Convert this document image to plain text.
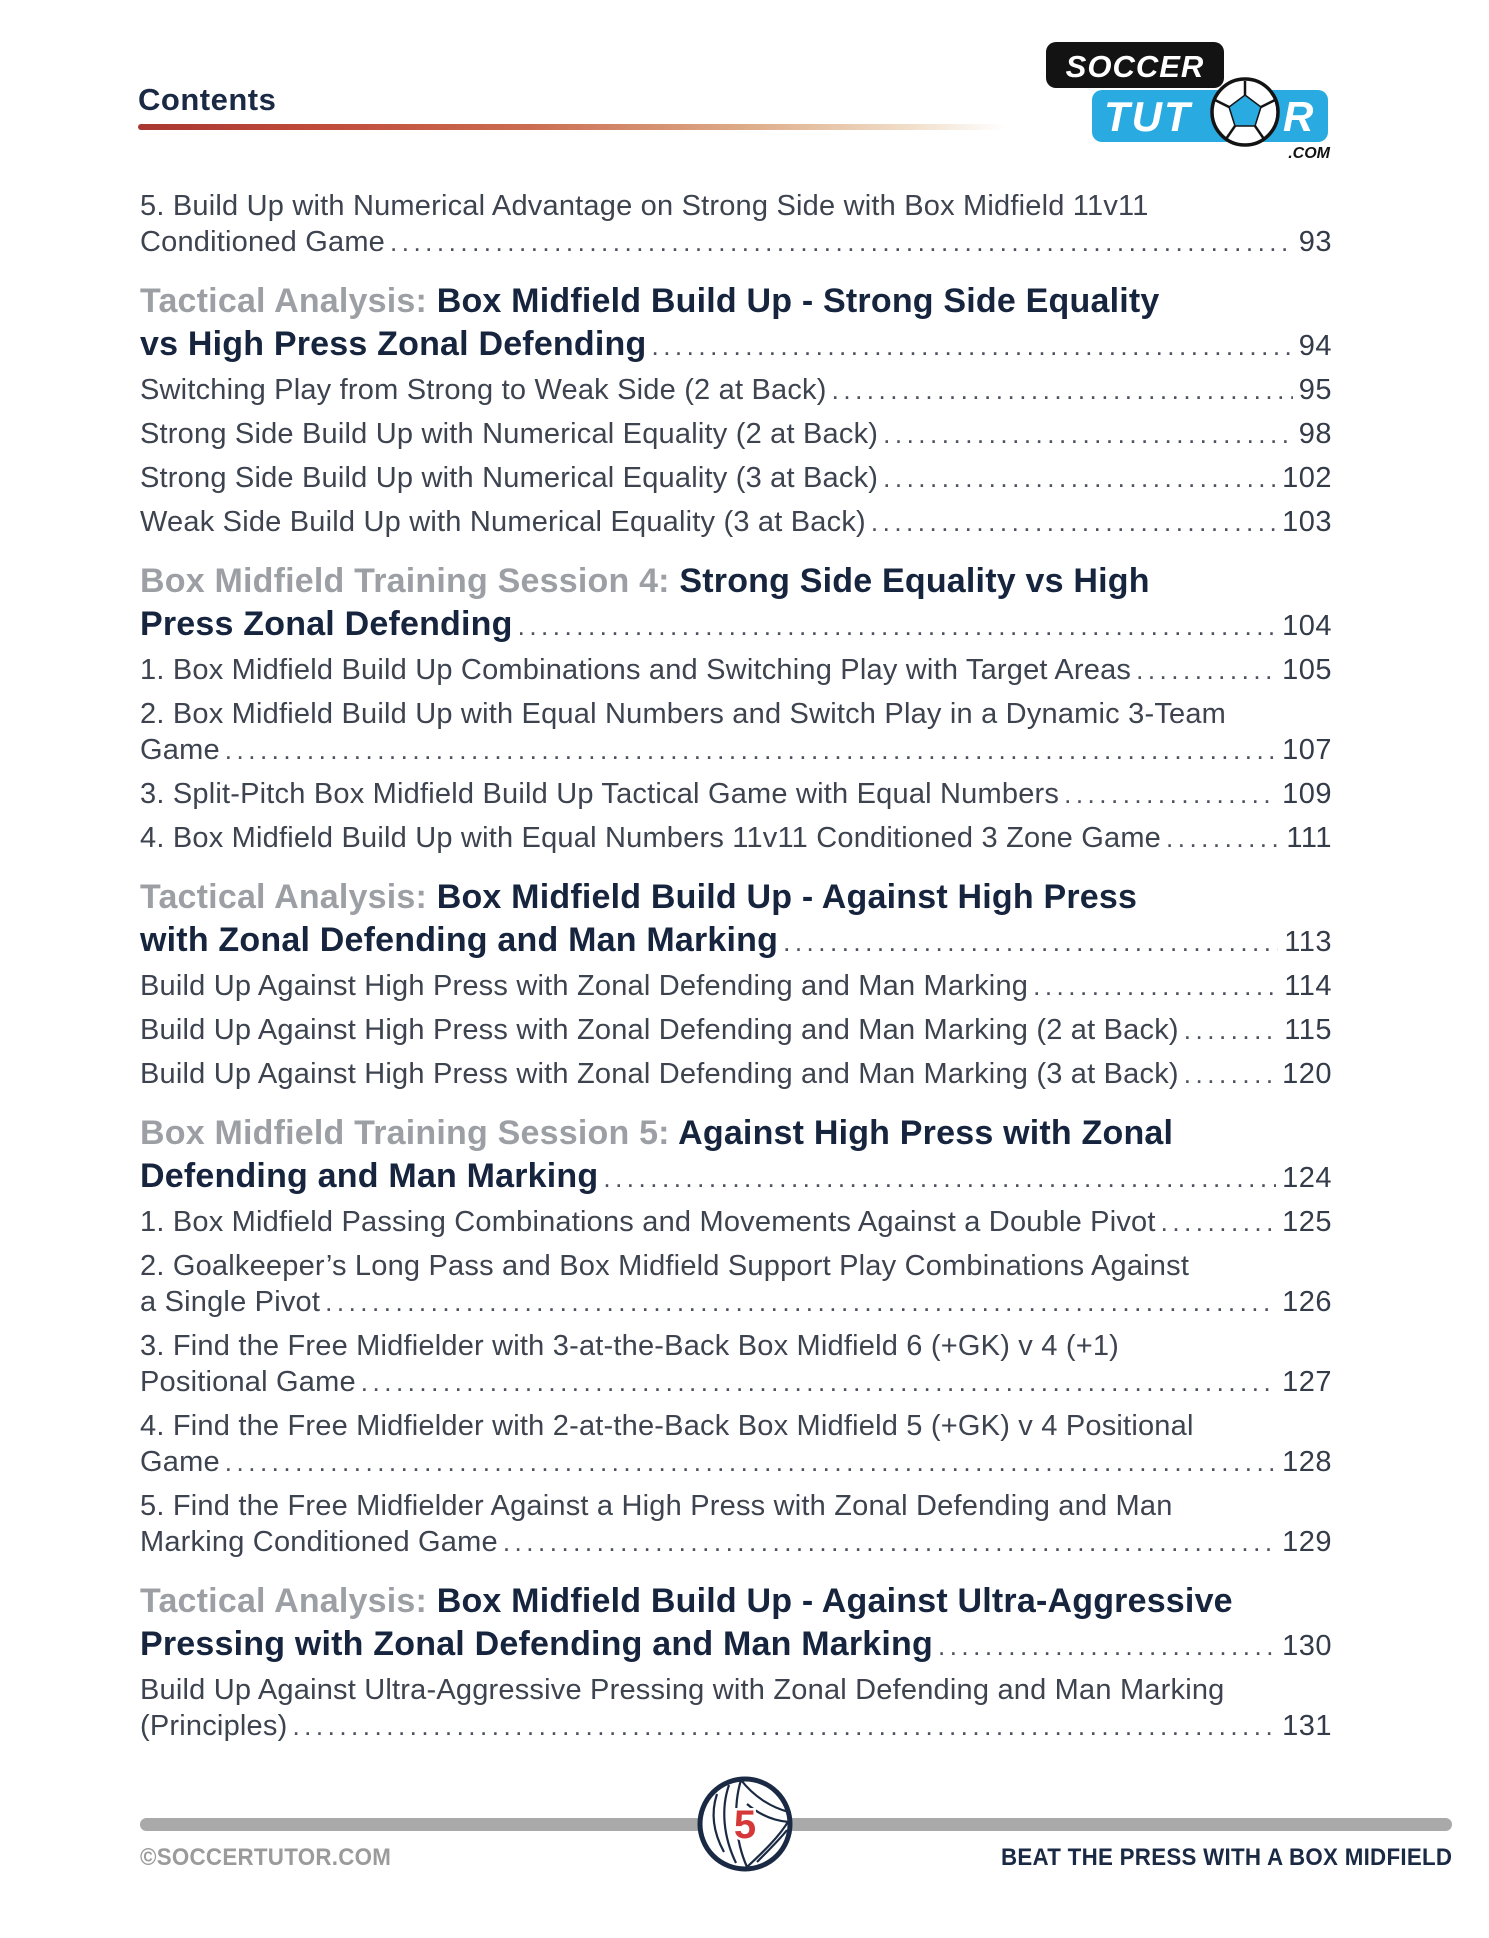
Contents
SOCCER
TUT R
.COM
5. Build Up with Numerical Advantage on Strong Side with Box Midfield 11v11
Conditioned Game .....	93
Tactical Analysis: Box Midfield Build Up - Strong Side Equality
vs High Press Zonal Defending .....	94
Switching Play from Strong to Weak Side (2 at Back) .....	95
Strong Side Build Up with Numerical Equality (2 at Back) .....	98
Strong Side Build Up with Numerical Equality (3 at Back) .....	102
Weak Side Build Up with Numerical Equality (3 at Back) .....	103
Box Midfield Training Session 4: Strong Side Equality vs High
Press Zonal Defending .....	104
1. Box Midfield Build Up Combinations and Switching Play with Target Areas .....	105
2. Box Midfield Build Up with Equal Numbers and Switch Play in a Dynamic 3-Team
Game .....	107
3. Split-Pitch Box Midfield Build Up Tactical Game with Equal Numbers .....	109
4. Box Midfield Build Up with Equal Numbers 11v11 Conditioned 3 Zone Game .....	111
Tactical Analysis: Box Midfield Build Up - Against High Press
with Zonal Defending and Man Marking .....	113
Build Up Against High Press with Zonal Defending and Man Marking .....	114
Build Up Against High Press with Zonal Defending and Man Marking (2 at Back) .....	115
Build Up Against High Press with Zonal Defending and Man Marking (3 at Back) .....	120
Box Midfield Training Session 5: Against High Press with Zonal
Defending and Man Marking .....	124
1. Box Midfield Passing Combinations and Movements Against a Double Pivot .....	125
2. Goalkeeper’s Long Pass and Box Midfield Support Play Combinations Against
a Single Pivot .....	126
3. Find the Free Midfielder with 3-at-the-Back Box Midfield 6 (+GK) v 4 (+1)
Positional Game .....	127
4. Find the Free Midfielder with 2-at-the-Back Box Midfield 5 (+GK) v 4 Positional
Game .....	128
5. Find the Free Midfielder Against a High Press with Zonal Defending and Man
Marking Conditioned Game .....	129
Tactical Analysis: Box Midfield Build Up - Against Ultra-Aggressive
Pressing with Zonal Defending and Man Marking .....	130
Build Up Against Ultra-Aggressive Pressing with Zonal Defending and Man Marking
(Principles) .....	131
5
©SOCCERTUTOR.COM	BEAT THE PRESS WITH A BOX MIDFIELD
